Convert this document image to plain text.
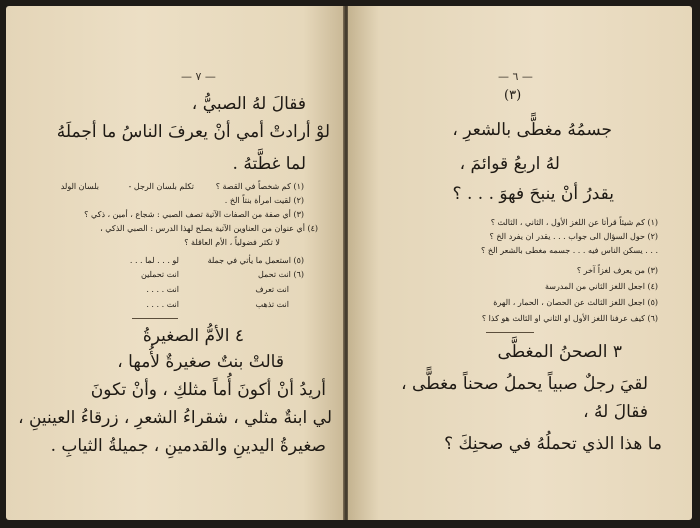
— ٧ —
فقالَ لهُ الصبيُّ ،
لوْ أرادتْ أمي أنْ يعرفَ الناسُ ما أجملَهُ
لما غطَّتهُ .
(١) كم شخصاً في القصة ؟
تكلم بلسان الرجل -
بلسان الولد
(٢) لقيت امرأة بنتاً الخ .
(٣) أي صفة من الصفات الآتية تصف الصبي : شجاع ، أمين ، ذكي ؟
(٤) أي عنوان من العناوين الآتية يصلح لهذا الدرس : الصبي الذكي ،
لا تكثر فضولياً ، الأم العاقلة ؟
(٥) استعمل ما يأتي في جملة
لو . . . لما . . .
(٦) انت تحمل
انت تحملين
انت تعرف
انت . . . .
انت تذهب
انت . . . .
٤ الأمُّ الصغيرةُ
قالتْ بنتٌ صغيرةٌ لأُمها ،
أريدُ أنْ أكونَ أُماً مثلكِ ، وأنْ تكونَ
لي ابنةٌ مثلي ، شقراءُ الشعرِ ، زرقاءُ العينينِ ،
صغيرةُ اليدينِ والقدمينِ ، جميلةُ الثيابِ .
— ٦ —
(٣)
جسمُهُ مغطًّى بالشعرِ ،
لهُ اربعُ قوائمَ ،
يقدرُ أنْ ينبحَ فهوَ . . . ؟
(١) كم شيئاً قرأتا عن اللغز الأول ، الثاني ، الثالث ؟
(٢) حول السؤال الى جواب . . . يقدر ان يفرد الخ ؟
. . . يسكن الناس فيه . . . جسمه مغطى بالشعر الخ ؟
(٣) من يعرف لغزاً آخر ؟
(٤) اجعل اللغز الثاني من المدرسة
(٥) اجعل اللغز الثالث عن الحصان ، الحمار ، الهرة
(٦) كيف عرفنا اللغز الأول او الثاني او الثالث هو كذا ؟
٣ الصحنُ المغطَّى
لقيَ رجلٌ صبياً يحملُ صحناً مغطًّى ،
فقالَ لهُ ،
ما هذا الذي تحملُهُ في صحنِكَ ؟
